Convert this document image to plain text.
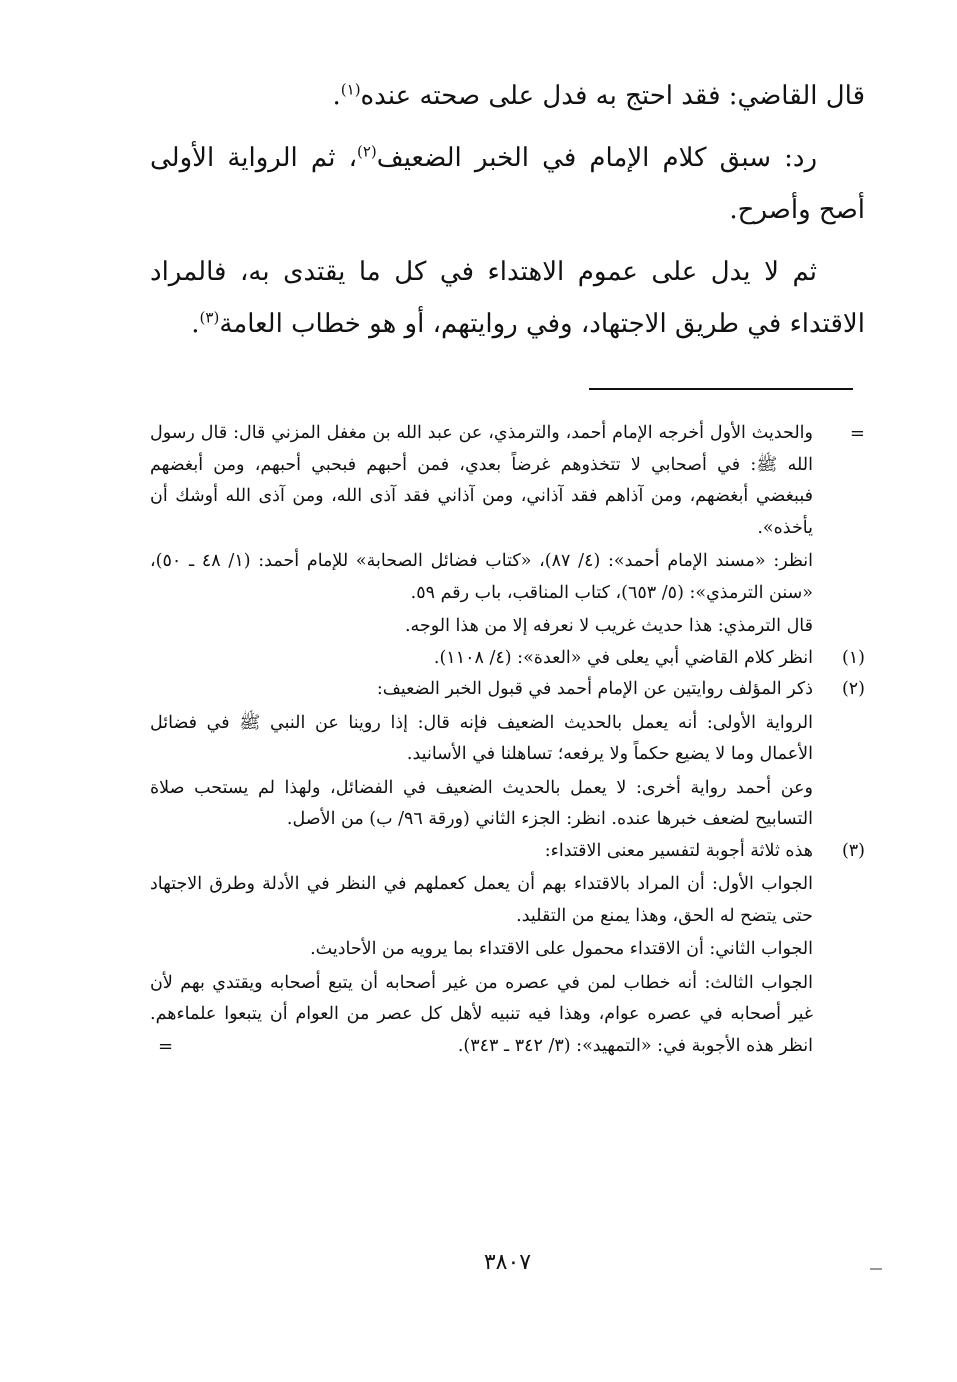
قال القاضي: فقد احتج به فدل على صحته عنده$^{(١)}$.

رد: سبق كلام الإمام في الخبر الضعيف$^{(٢)}$، ثم الرواية الأولى أصح وأصرح.

ثم لا يدل على عموم الاهتداء في كل ما يقتدى به، فالمراد الاقتداء في طريق الاجتهاد، وفي روايتهم، أو هو خطاب العامة$^{(٣)}$.

=

والحديث الأول أخرجه الإمام أحمد، والترمذي، عن عبد الله بن مغفل المزني قال: قال رسول الله ﷺ: في أصحابي لا تتخذوهم غرضاً بعدي، فمن أحبهم فبحبي أحبهم، ومن أبغضهم فببغضي أبغضهم، ومن آذاهم فقد آذاني، ومن آذاني فقد آذى الله، ومن آذى الله أوشك أن يأخذه».

انظر: «مسند الإمام أحمد»: (٤/ ٨٧)، «كتاب فضائل الصحابة» للإمام أحمد: (١/ ٤٨ ـ ٥٠)، «سنن الترمذي»: (٥/ ٦٥٣)، كتاب المناقب، باب رقم ٥٩.

قال الترمذي: هذا حديث غريب لا نعرفه إلا من هذا الوجه.

(١)

انظر كلام القاضي أبي يعلى في «العدة»: (٤/ ١١٠٨).

(٢)

ذكر المؤلف روايتين عن الإمام أحمد في قبول الخبر الضعيف:

الرواية الأولى: أنه يعمل بالحديث الضعيف فإنه قال: إذا روينا عن النبي ﷺ في فضائل الأعمال وما لا يضيع حكماً ولا يرفعه؛ تساهلنا في الأسانيد.

وعن أحمد رواية أخرى: لا يعمل بالحديث الضعيف في الفضائل، ولهذا لم يستحب صلاة التسابيح لضعف خبرها عنده. انظر: الجزء الثاني (ورقة ٩٦/ ب) من الأصل.

(٣)

هذه ثلاثة أجوبة لتفسير معنى الاقتداء:

الجواب الأول: أن المراد بالاقتداء بهم أن يعمل كعملهم في النظر في الأدلة وطرق الاجتهاد حتى يتضح له الحق، وهذا يمنع من التقليد.

الجواب الثاني: أن الاقتداء محمول على الاقتداء بما يرويه من الأحاديث.

الجواب الثالث: أنه خطاب لمن في عصره من غير أصحابه أن يتبع أصحابه ويقتدي بهم لأن غير أصحابه في عصره عوام، وهذا فيه تنبيه لأهل كل عصر من العوام أن يتبعوا علماءهم. انظر هذه الأجوبة في: «التمهيد»: (٣/ ٣٤٢ ـ ٣٤٣).

=
٣٨٠٧
